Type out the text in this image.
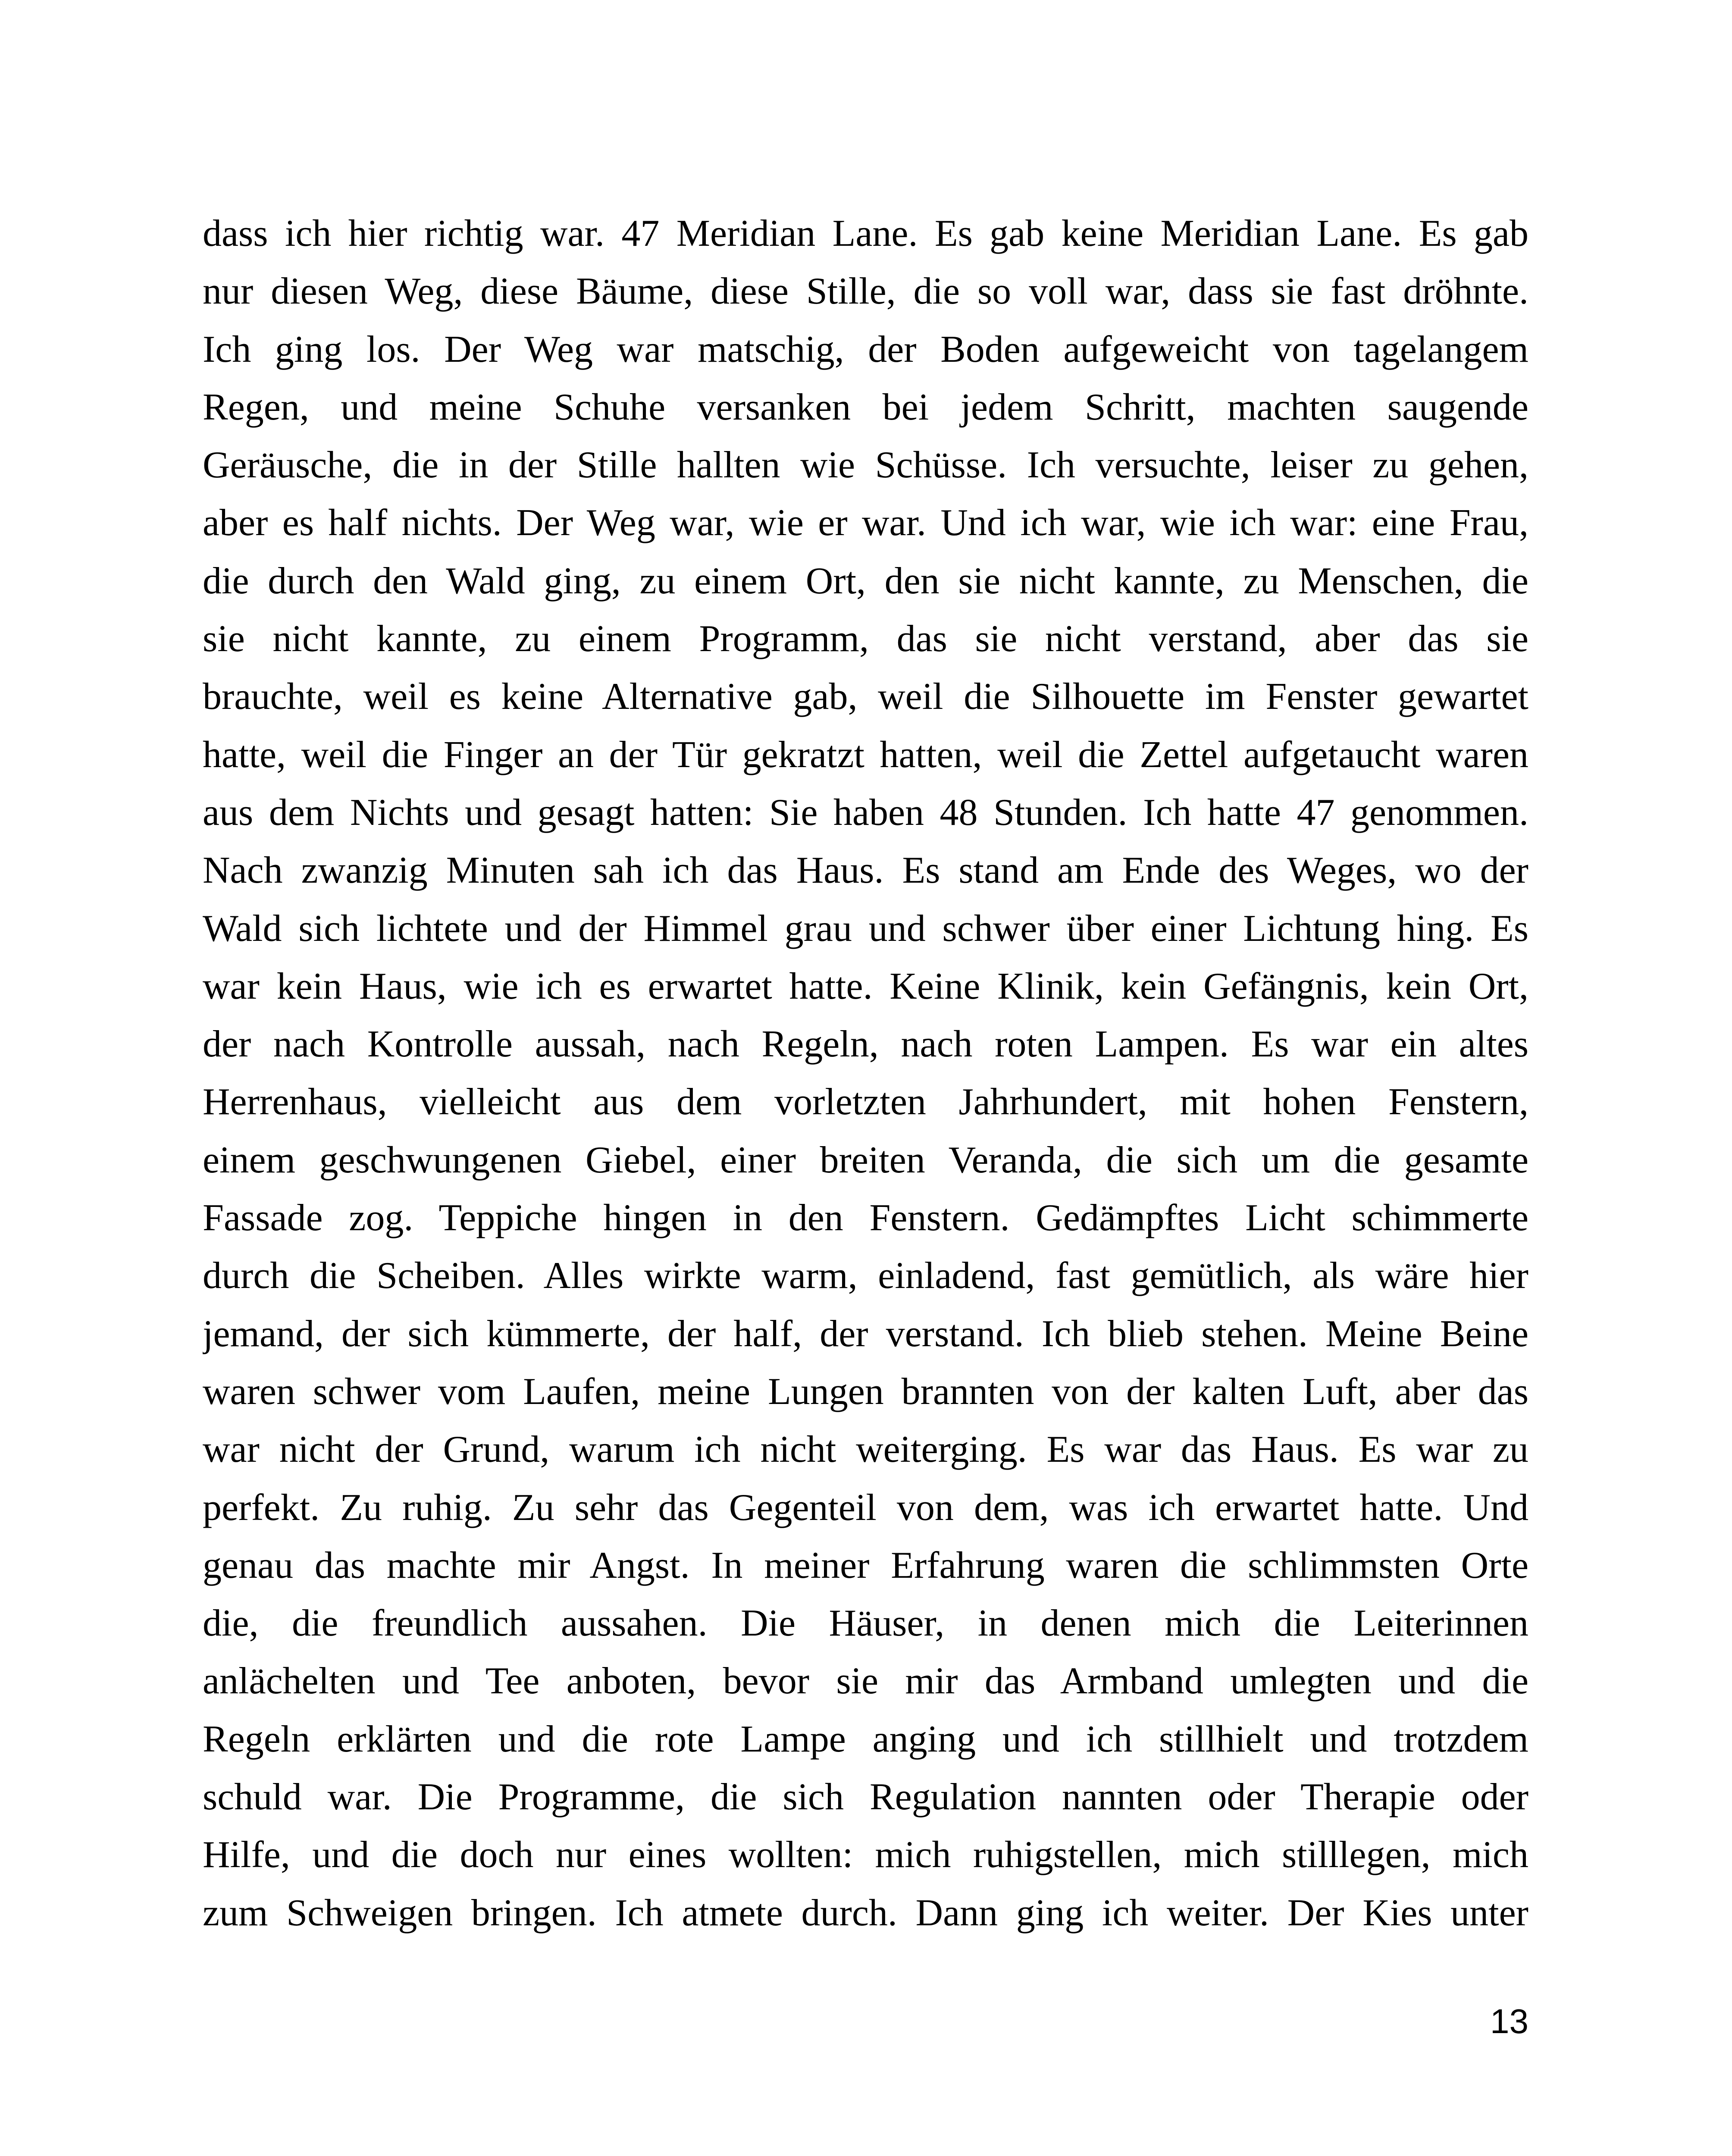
dass ich hier richtig war. 47 Meridian Lane. Es gab keine Meridian Lane. Es gab
nur diesen Weg, diese Bäume, diese Stille, die so voll war, dass sie fast dröhnte.
Ich ging los. Der Weg war matschig, der Boden aufgeweicht von tagelangem
Regen, und meine Schuhe versanken bei jedem Schritt, machten saugende
Geräusche, die in der Stille hallten wie Schüsse. Ich versuchte, leiser zu gehen,
aber es half nichts. Der Weg war, wie er war. Und ich war, wie ich war: eine Frau,
die durch den Wald ging, zu einem Ort, den sie nicht kannte, zu Menschen, die
sie nicht kannte, zu einem Programm, das sie nicht verstand, aber das sie
brauchte, weil es keine Alternative gab, weil die Silhouette im Fenster gewartet
hatte, weil die Finger an der Tür gekratzt hatten, weil die Zettel aufgetaucht waren
aus dem Nichts und gesagt hatten: Sie haben 48 Stunden. Ich hatte 47 genommen.
Nach zwanzig Minuten sah ich das Haus. Es stand am Ende des Weges, wo der
Wald sich lichtete und der Himmel grau und schwer über einer Lichtung hing. Es
war kein Haus, wie ich es erwartet hatte. Keine Klinik, kein Gefängnis, kein Ort,
der nach Kontrolle aussah, nach Regeln, nach roten Lampen. Es war ein altes
Herrenhaus, vielleicht aus dem vorletzten Jahrhundert, mit hohen Fenstern,
einem geschwungenen Giebel, einer breiten Veranda, die sich um die gesamte
Fassade zog. Teppiche hingen in den Fenstern. Gedämpftes Licht schimmerte
durch die Scheiben. Alles wirkte warm, einladend, fast gemütlich, als wäre hier
jemand, der sich kümmerte, der half, der verstand. Ich blieb stehen. Meine Beine
waren schwer vom Laufen, meine Lungen brannten von der kalten Luft, aber das
war nicht der Grund, warum ich nicht weiterging. Es war das Haus. Es war zu
perfekt. Zu ruhig. Zu sehr das Gegenteil von dem, was ich erwartet hatte. Und
genau das machte mir Angst. In meiner Erfahrung waren die schlimmsten Orte
die, die freundlich aussahen. Die Häuser, in denen mich die Leiterinnen
anlächelten und Tee anboten, bevor sie mir das Armband umlegten und die
Regeln erklärten und die rote Lampe anging und ich stillhielt und trotzdem
schuld war. Die Programme, die sich Regulation nannten oder Therapie oder
Hilfe, und die doch nur eines wollten: mich ruhigstellen, mich stilllegen, mich
zum Schweigen bringen. Ich atmete durch. Dann ging ich weiter. Der Kies unter

13
